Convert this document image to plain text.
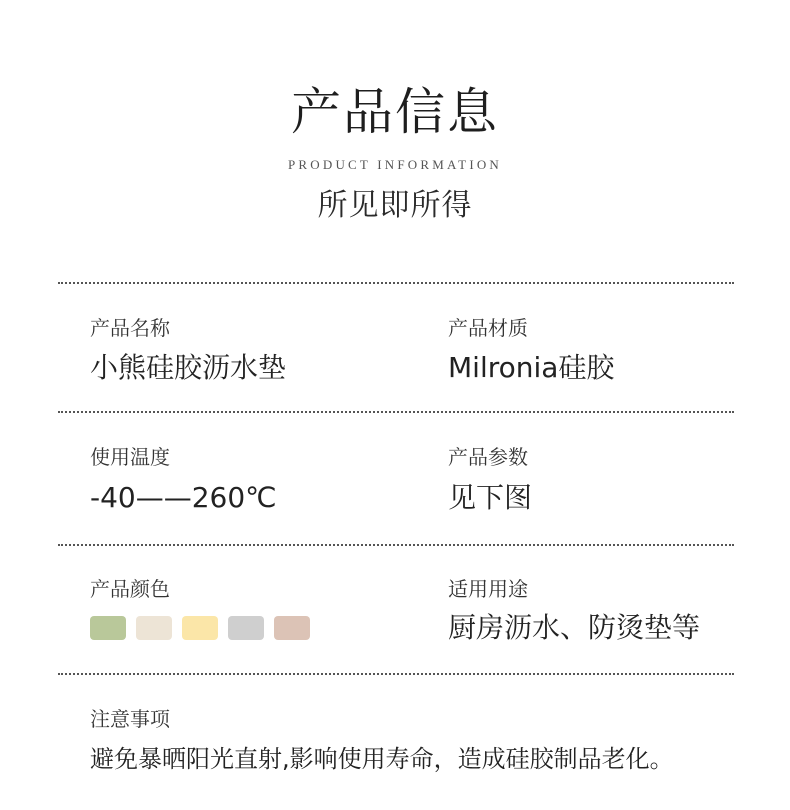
产品信息
PRODUCT INFORMATION
所见即所得
产品名称
小熊硅胶沥水垫
产品材质
Milronia硅胶
使用温度
-40——260℃
产品参数
见下图
产品颜色	适用用途
厨房沥水、防烫垫等
注意事项
避免暴晒阳光直射,影响使用寿命，造成硅胶制品老化。
